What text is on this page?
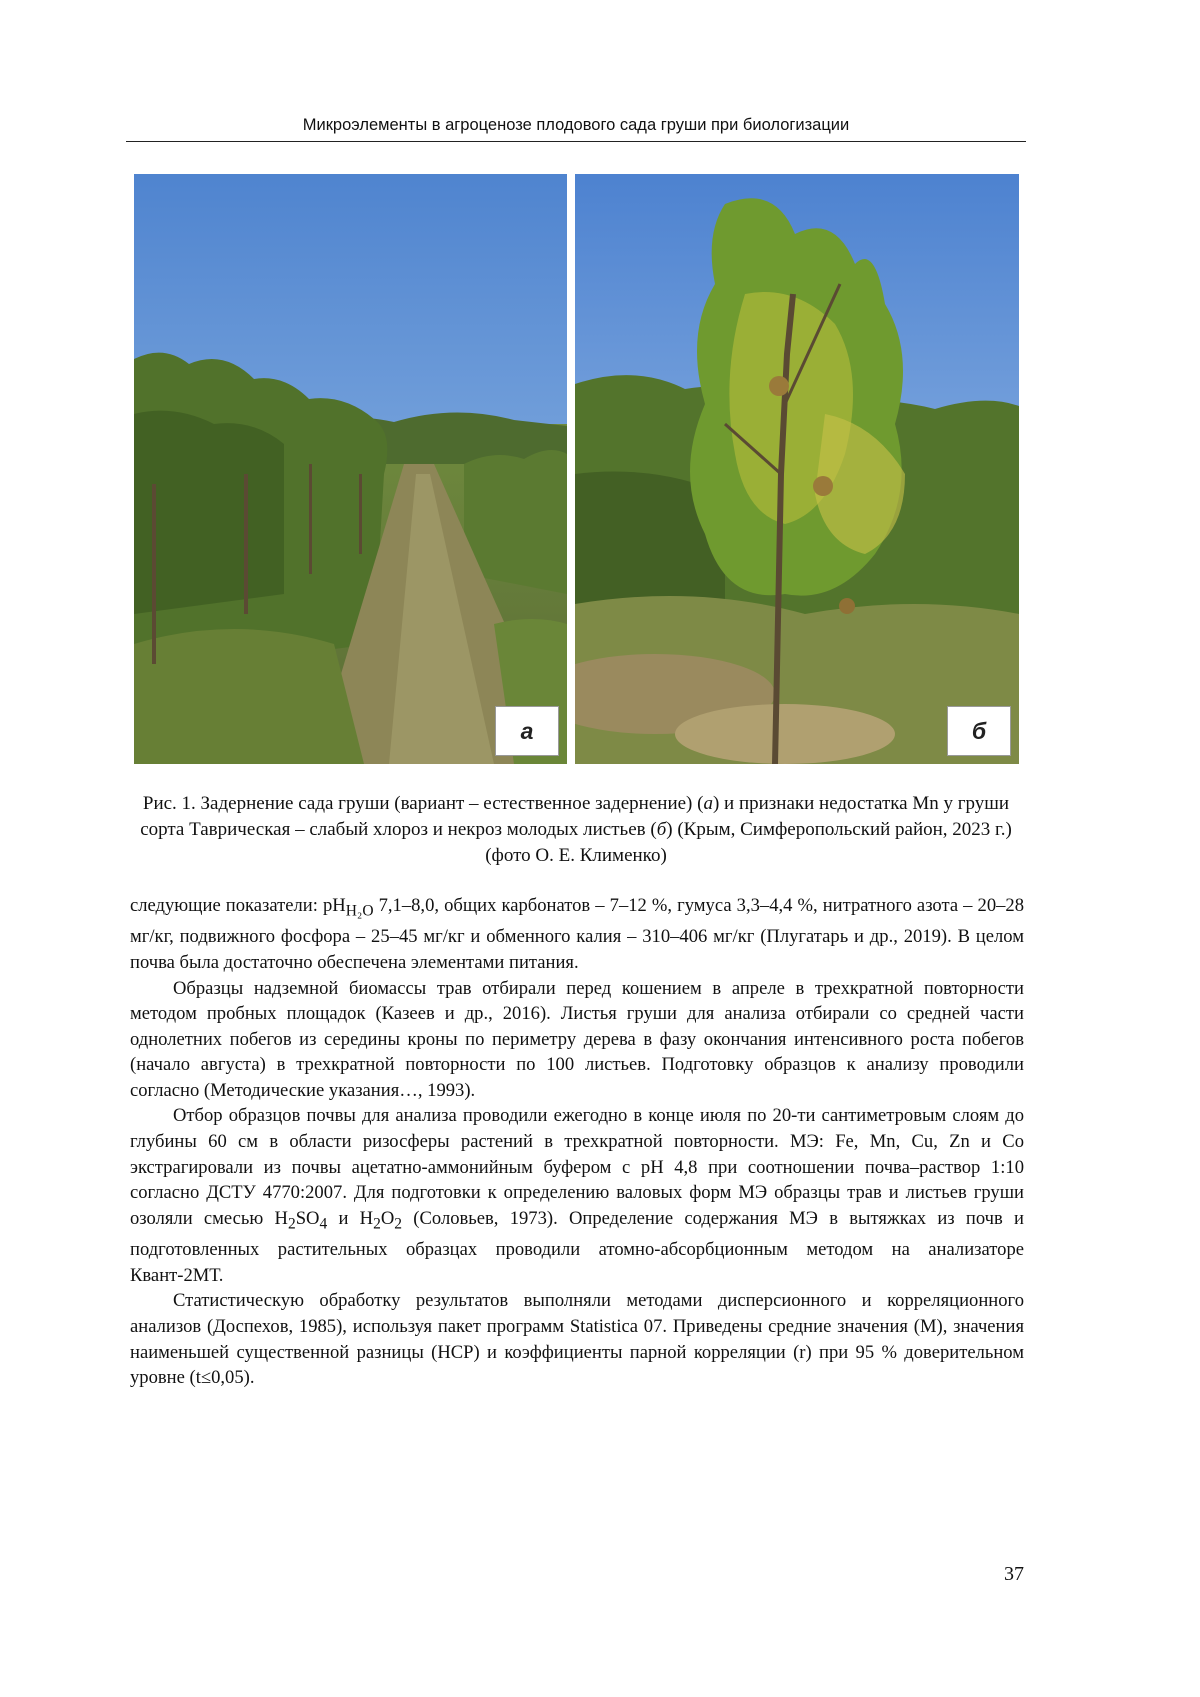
Микроэлементы в агроценозе плодового сада груши при биологизации
а	б
Рис. 1. Задернение сада груши (вариант – естественное задернение) (а) и признаки недостатка Mn у груши сорта Таврическая – слабый хлороз и некроз молодых листьев (б) (Крым, Симферопольский район, 2023 г.) (фото О. Е. Клименко)

следующие показатели: $pH_{H_2O}$ 7,1–8,0, общих карбонатов – 7–12 %, гумуса 3,3–4,4 %, нитратного азота – 20–28 мг/кг, подвижного фосфора – 25–45 мг/кг и обменного калия – 310–406 мг/кг (Плугатарь и др., 2019). В целом почва была достаточно обеспечена элементами питания.

Образцы надземной биомассы трав отбирали перед кошением в апреле в трехкратной повторности методом пробных площадок (Казеев и др., 2016). Листья груши для анализа отбирали со средней части однолетних побегов из середины кроны по периметру дерева в фазу окончания интенсивного роста побегов (начало августа) в трехкратной повторности по 100 листьев. Подготовку образцов к анализу проводили согласно (Методические указания…, 1993).

Отбор образцов почвы для анализа проводили ежегодно в конце июля по 20-ти сантиметровым слоям до глубины 60 см в области ризосферы растений в трехкратной повторности. МЭ: Fe, Mn, Cu, Zn и Co экстрагировали из почвы ацетатно-аммонийным буфером с рН 4,8 при соотношении почва–раствор 1:10 согласно ДСТУ 4770:2007. Для подготовки к определению валовых форм МЭ образцы трав и листьев груши озоляли смесью $H_2SO_4$ и $H_2O_2$ (Соловьев, 1973). Определение содержания МЭ в вытяжках из почв и подготовленных растительных образцах проводили атомно-абсорбционным методом на анализаторе Квант-2МТ.

Статистическую обработку результатов выполняли методами дисперсионного и корреляционного анализов (Доспехов, 1985), используя пакет программ Statistica 07. Приведены средние значения (M), значения наименьшей существенной разницы (НСР) и коэффициенты парной корреляции (r) при 95 % доверительном уровне (t≤0,05).

37
